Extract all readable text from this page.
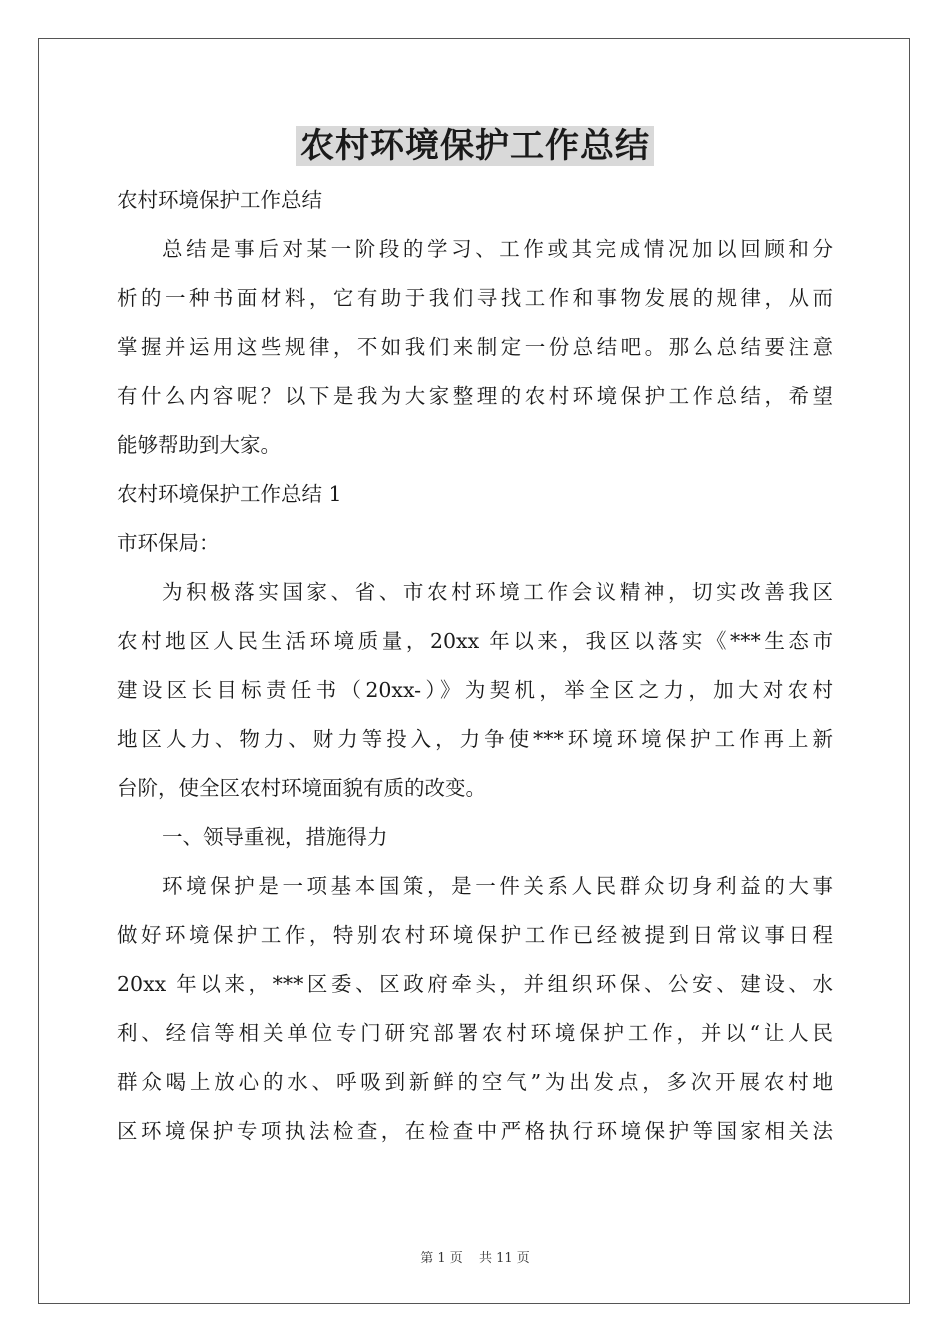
农村环境保护工作总结

农村环境保护工作总结

总结是事后对某一阶段的学习、工作或其完成情况加以回顾和分

析的一种书面材料，它有助于我们寻找工作和事物发展的规律，从而

掌握并运用这些规律，不如我们来制定一份总结吧。那么总结要注意

有什么内容呢？以下是我为大家整理的农村环境保护工作总结，希望

能够帮助到大家。

农村环境保护工作总结 1

市环保局：

为积极落实国家、省、市农村环境工作会议精神，切实改善我区

农村地区人民生活环境质量，20xx 年以来，我区以落实《***生态市

建设区长目标责任书（20xx-）》为契机，举全区之力，加大对农村

地区人力、物力、财力等投入，力争使***环境环境保护工作再上新

台阶，使全区农村环境面貌有质的改变。

一、领导重视，措施得力

环境保护是一项基本国策，是一件关系人民群众切身利益的大事

做好环境保护工作，特别农村环境保护工作已经被提到日常议事日程

20xx 年以来，***区委、区政府牵头，并组织环保、公安、建设、水

利、经信等相关单位专门研究部署农村环境保护工作，并以“让人民

群众喝上放心的水、呼吸到新鲜的空气”为出发点，多次开展农村地

区环境保护专项执法检查，在检查中严格执行环境保护等国家相关法

第 1 页 共 11 页
